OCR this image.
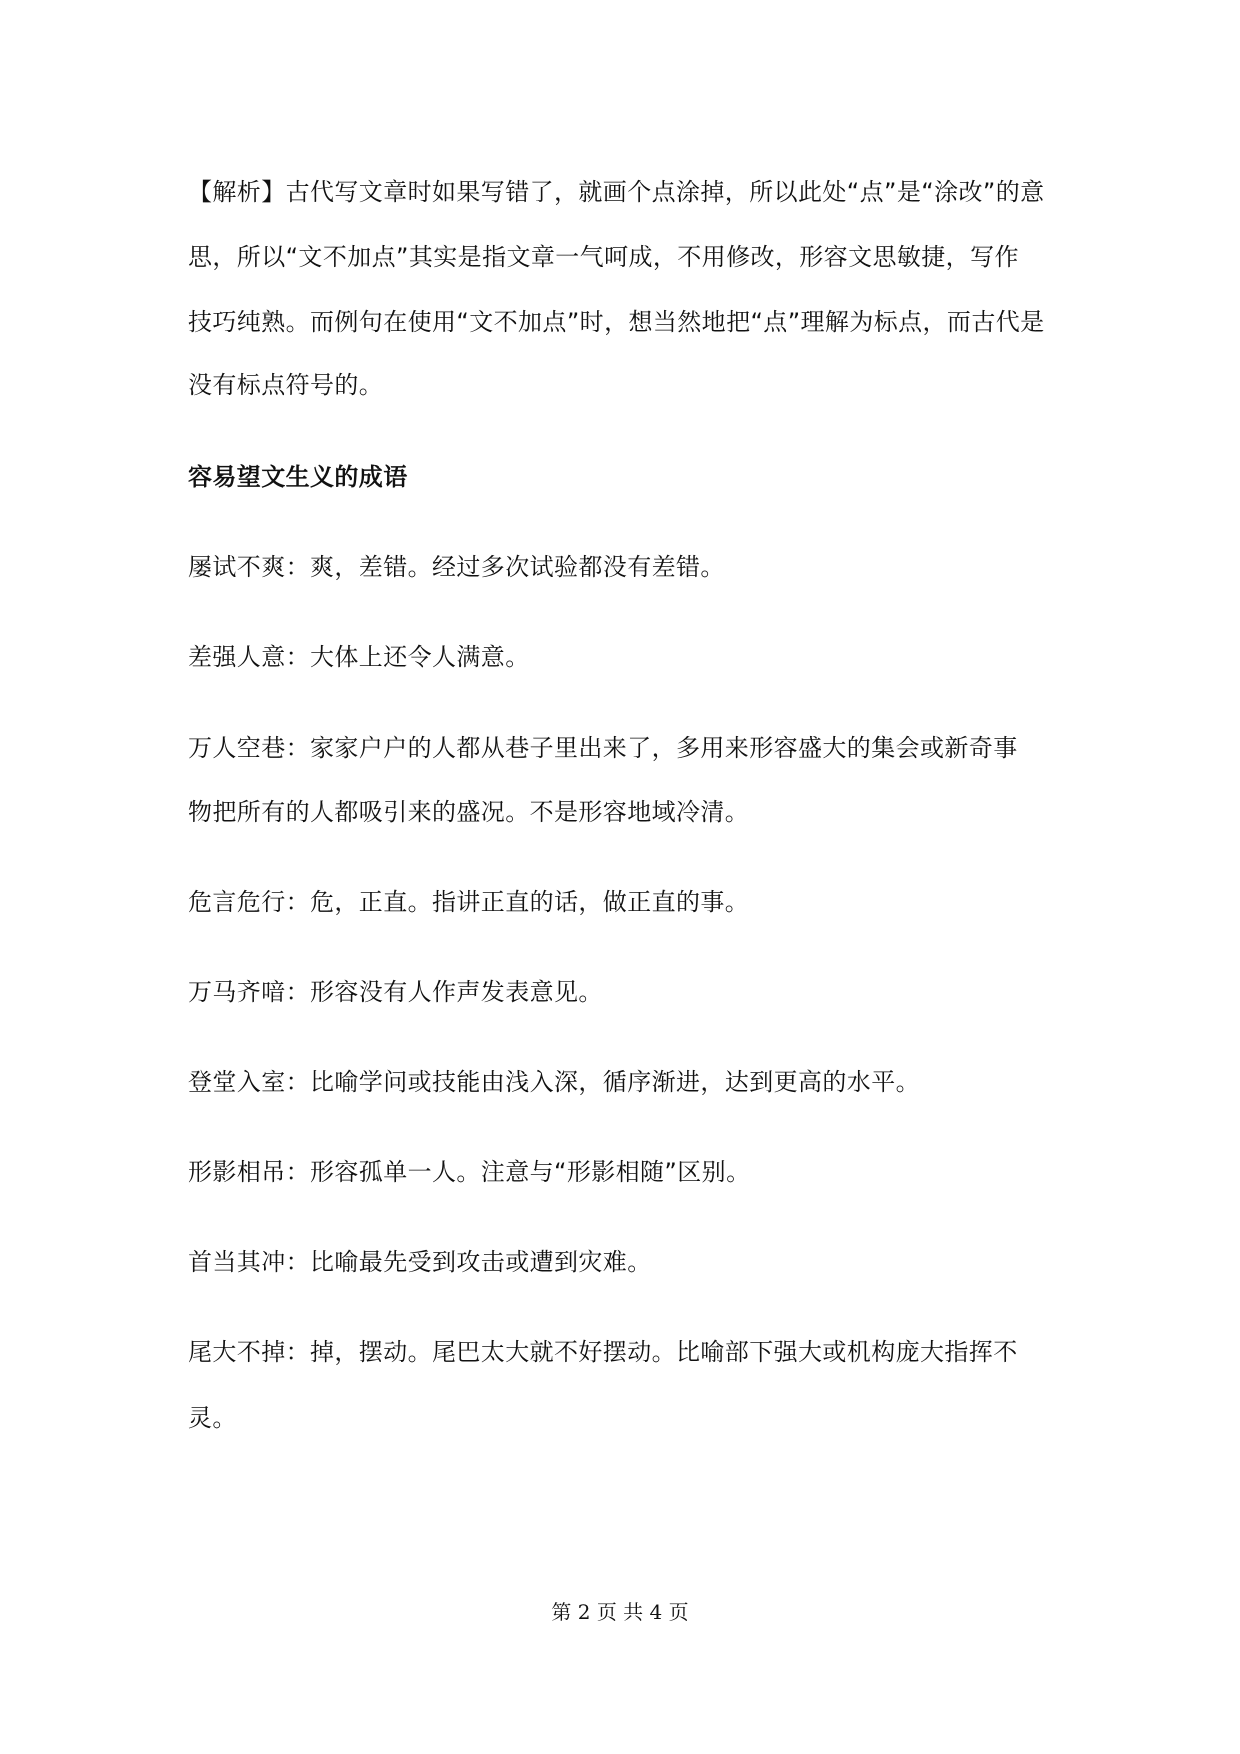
【解析】古代写文章时如果写错了，就画个点涂掉，所以此处“点”是“涂改”的意
思，所以“文不加点”其实是指文章一气呵成，不用修改，形容文思敏捷，写作
技巧纯熟。而例句在使用“文不加点”时，想当然地把“点”理解为标点，而古代是
没有标点符号的。
容易望文生义的成语
屡试不爽：爽，差错。经过多次试验都没有差错。
差强人意：大体上还令人满意。
万人空巷：家家户户的人都从巷子里出来了，多用来形容盛大的集会或新奇事
物把所有的人都吸引来的盛况。不是形容地域冷清。
危言危行：危，正直。指讲正直的话，做正直的事。
万马齐喑：形容没有人作声发表意见。
登堂入室：比喻学问或技能由浅入深，循序渐进，达到更高的水平。
形影相吊：形容孤单一人。注意与“形影相随”区别。
首当其冲：比喻最先受到攻击或遭到灾难。
尾大不掉：掉，摆动。尾巴太大就不好摆动。比喻部下强大或机构庞大指挥不
灵。
第 2 页 共 4 页
